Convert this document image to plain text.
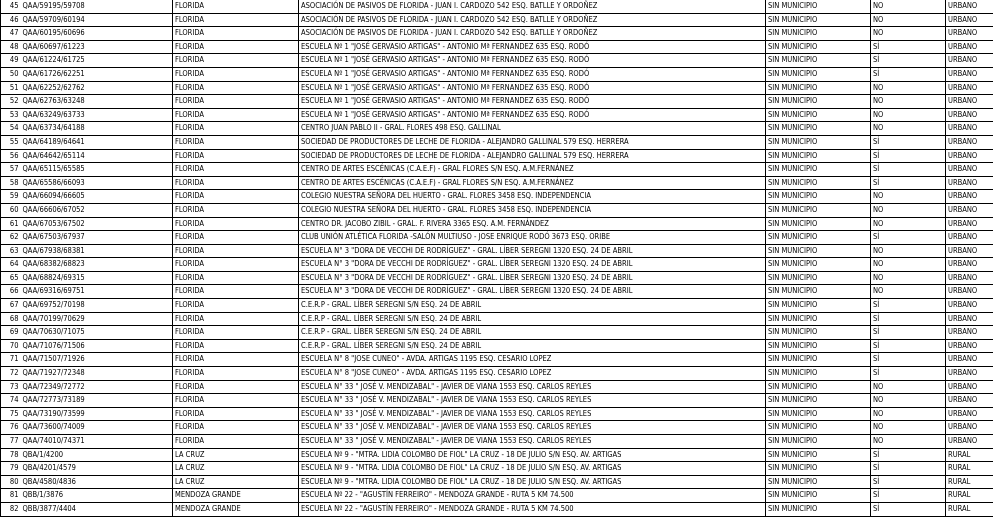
45	QAA/59195/59708	FLORIDA	ASOCIACIÓN DE PASIVOS DE FLORIDA - JUAN I. CARDOZO 542 ESQ. BATLLE Y ORDOÑEZ	SIN MUNICIPIO	NO	URBANO
46	QAA/59709/60194	FLORIDA	ASOCIACIÓN DE PASIVOS DE FLORIDA - JUAN I. CARDOZO 542 ESQ. BATLLE Y ORDOÑEZ	SIN MUNICIPIO	NO	URBANO
47	QAA/60195/60696	FLORIDA	ASOCIACIÓN DE PASIVOS DE FLORIDA - JUAN I. CARDOZO 542 ESQ. BATLLE Y ORDOÑEZ	SIN MUNICIPIO	NO	URBANO
48	QAA/60697/61223	FLORIDA	ESCUELA Nº 1 "JOSÉ GERVASIO ARTIGAS" - ANTONIO Mª FERNANDEZ 635 ESQ. RODÓ	SIN MUNICIPIO	SÍ	URBANO
49	QAA/61224/61725	FLORIDA	ESCUELA Nº 1 "JOSÉ GERVASIO ARTIGAS" - ANTONIO Mª FERNANDEZ 635 ESQ. RODÓ	SIN MUNICIPIO	SÍ	URBANO
50	QAA/61726/62251	FLORIDA	ESCUELA Nº 1 "JOSÉ GERVASIO ARTIGAS" - ANTONIO Mª FERNANDEZ 635 ESQ. RODÓ	SIN MUNICIPIO	SÍ	URBANO
51	QAA/62252/62762	FLORIDA	ESCUELA Nº 1 "JOSÉ GERVASIO ARTIGAS" - ANTONIO Mª FERNANDEZ 635 ESQ. RODÓ	SIN MUNICIPIO	NO	URBANO
52	QAA/62763/63248	FLORIDA	ESCUELA Nº 1 "JOSÉ GERVASIO ARTIGAS" - ANTONIO Mª FERNANDEZ 635 ESQ. RODÓ	SIN MUNICIPIO	NO	URBANO
53	QAA/63249/63733	FLORIDA	ESCUELA Nº 1 "JOSÉ GERVASIO ARTIGAS" - ANTONIO Mª FERNANDEZ 635 ESQ. RODÓ	SIN MUNICIPIO	NO	URBANO
54	QAA/63734/64188	FLORIDA	CENTRO JUAN PABLO II - GRAL. FLORES 498 ESQ. GALLINAL	SIN MUNICIPIO	NO	URBANO
55	QAA/64189/64641	FLORIDA	SOCIEDAD DE PRODUCTORES DE LECHE DE FLORIDA - ALEJANDRO GALLINAL 579 ESQ. HERRERA	SIN MUNICIPIO	SÍ	URBANO
56	QAA/64642/65114	FLORIDA	SOCIEDAD DE PRODUCTORES DE LECHE DE FLORIDA - ALEJANDRO GALLINAL 579 ESQ. HERRERA	SIN MUNICIPIO	SÍ	URBANO
57	QAA/65115/65585	FLORIDA	CENTRO DE ARTES ESCÉNICAS (C.A.E.F) - GRAL FLORES S/N ESQ. A.M.FERNÁNEZ	SIN MUNICIPIO	SÍ	URBANO
58	QAA/65586/66093	FLORIDA	CENTRO DE ARTES ESCÉNICAS (C.A.E.F) - GRAL FLORES S/N ESQ. A.M.FERNÁNEZ	SIN MUNICIPIO	SÍ	URBANO
59	QAA/66094/66605	FLORIDA	COLEGIO NUESTRA SEÑORA DEL HUERTO - GRAL. FLORES 3458 ESQ. INDEPENDENCIA	SIN MUNICIPIO	NO	URBANO
60	QAA/66606/67052	FLORIDA	COLEGIO NUESTRA SEÑORA DEL HUERTO - GRAL. FLORES 3458 ESQ. INDEPENDENCIA	SIN MUNICIPIO	NO	URBANO
61	QAA/67053/67502	FLORIDA	CENTRO DR. JACOBO ZIBIL - GRAL. F. RIVERA 3365 ESQ. A.M. FERNÁNDEZ	SIN MUNICIPIO	NO	URBANO
62	QAA/67503/67937	FLORIDA	CLUB UNIÓN ATLÉTICA FLORIDA -SALÓN MULTIUSO - JOSE ENRIQUE RODÓ 3673 ESQ. ORIBE	SIN MUNICIPIO	SÍ	URBANO
63	QAA/67938/68381	FLORIDA	ESCUELA N° 3 "DORA DE VECCHI DE RODRÍGUEZ" - GRAL. LÍBER SEREGNI 1320 ESQ. 24 DE ABRIL	SIN MUNICIPIO	NO	URBANO
64	QAA/68382/68823	FLORIDA	ESCUELA N° 3 "DORA DE VECCHI DE RODRÍGUEZ" - GRAL. LÍBER SEREGNI 1320 ESQ. 24 DE ABRIL	SIN MUNICIPIO	NO	URBANO
65	QAA/68824/69315	FLORIDA	ESCUELA N° 3 "DORA DE VECCHI DE RODRÍGUEZ" - GRAL. LÍBER SEREGNI 1320 ESQ. 24 DE ABRIL	SIN MUNICIPIO	NO	URBANO
66	QAA/69316/69751	FLORIDA	ESCUELA N° 3 "DORA DE VECCHI DE RODRÍGUEZ" - GRAL. LÍBER SEREGNI 1320 ESQ. 24 DE ABRIL	SIN MUNICIPIO	NO	URBANO
67	QAA/69752/70198	FLORIDA	C.E.R.P - GRAL. LÍBER SEREGNI S/N ESQ. 24 DE ABRIL	SIN MUNICIPIO	SÍ	URBANO
68	QAA/70199/70629	FLORIDA	C.E.R.P - GRAL. LÍBER SEREGNI S/N ESQ. 24 DE ABRIL	SIN MUNICIPIO	SÍ	URBANO
69	QAA/70630/71075	FLORIDA	C.E.R.P - GRAL. LÍBER SEREGNI S/N ESQ. 24 DE ABRIL	SIN MUNICIPIO	SÍ	URBANO
70	QAA/71076/71506	FLORIDA	C.E.R.P - GRAL. LÍBER SEREGNI S/N ESQ. 24 DE ABRIL	SIN MUNICIPIO	SÍ	URBANO
71	QAA/71507/71926	FLORIDA	ESCUELA N° 8 "JOSE CUNEO" - AVDA. ARTIGAS 1195 ESQ. CESARIO LOPEZ	SIN MUNICIPIO	SÍ	URBANO
72	QAA/71927/72348	FLORIDA	ESCUELA N° 8 "JOSE CUNEO" - AVDA. ARTIGAS 1195 ESQ. CESARIO LOPEZ	SIN MUNICIPIO	SÍ	URBANO
73	QAA/72349/72772	FLORIDA	ESCUELA N° 33 " JOSÉ V. MENDIZABAL" - JAVIER DE VIANA 1553 ESQ. CARLOS REYLES	SIN MUNICIPIO	NO	URBANO
74	QAA/72773/73189	FLORIDA	ESCUELA N° 33 " JOSÉ V. MENDIZABAL" - JAVIER DE VIANA 1553 ESQ. CARLOS REYLES	SIN MUNICIPIO	NO	URBANO
75	QAA/73190/73599	FLORIDA	ESCUELA N° 33 " JOSÉ V. MENDIZABAL" - JAVIER DE VIANA 1553 ESQ. CARLOS REYLES	SIN MUNICIPIO	NO	URBANO
76	QAA/73600/74009	FLORIDA	ESCUELA N° 33 " JOSÉ V. MENDIZABAL" - JAVIER DE VIANA 1553 ESQ. CARLOS REYLES	SIN MUNICIPIO	NO	URBANO
77	QAA/74010/74371	FLORIDA	ESCUELA N° 33 " JOSÉ V. MENDIZABAL" - JAVIER DE VIANA 1553 ESQ. CARLOS REYLES	SIN MUNICIPIO	NO	URBANO
78	QBA/1/4200	LA CRUZ	ESCUELA Nº 9 - "MTRA. LIDIA COLOMBO DE FIOL" LA CRUZ - 18 DE JULIO S/N ESQ. AV. ARTIGAS	SIN MUNICIPIO	SÍ	RURAL
79	QBA/4201/4579	LA CRUZ	ESCUELA Nº 9 - "MTRA. LIDIA COLOMBO DE FIOL" LA CRUZ - 18 DE JULIO S/N ESQ. AV. ARTIGAS	SIN MUNICIPIO	SÍ	RURAL
80	QBA/4580/4836	LA CRUZ	ESCUELA Nº 9 - "MTRA. LIDIA COLOMBO DE FIOL" LA CRUZ - 18 DE JULIO S/N ESQ. AV. ARTIGAS	SIN MUNICIPIO	SÍ	RURAL
81	QBB/1/3876	MENDOZA GRANDE	ESCUELA Nº 22 - "AGUSTÍN FERREIRO" - MENDOZA GRANDE - RUTA 5 KM 74.500	SIN MUNICIPIO	SÍ	RURAL
82	QBB/3877/4404	MENDOZA GRANDE	ESCUELA Nº 22 - "AGUSTÍN FERREIRO" - MENDOZA GRANDE - RUTA 5 KM 74.500	SIN MUNICIPIO	SÍ	RURAL
